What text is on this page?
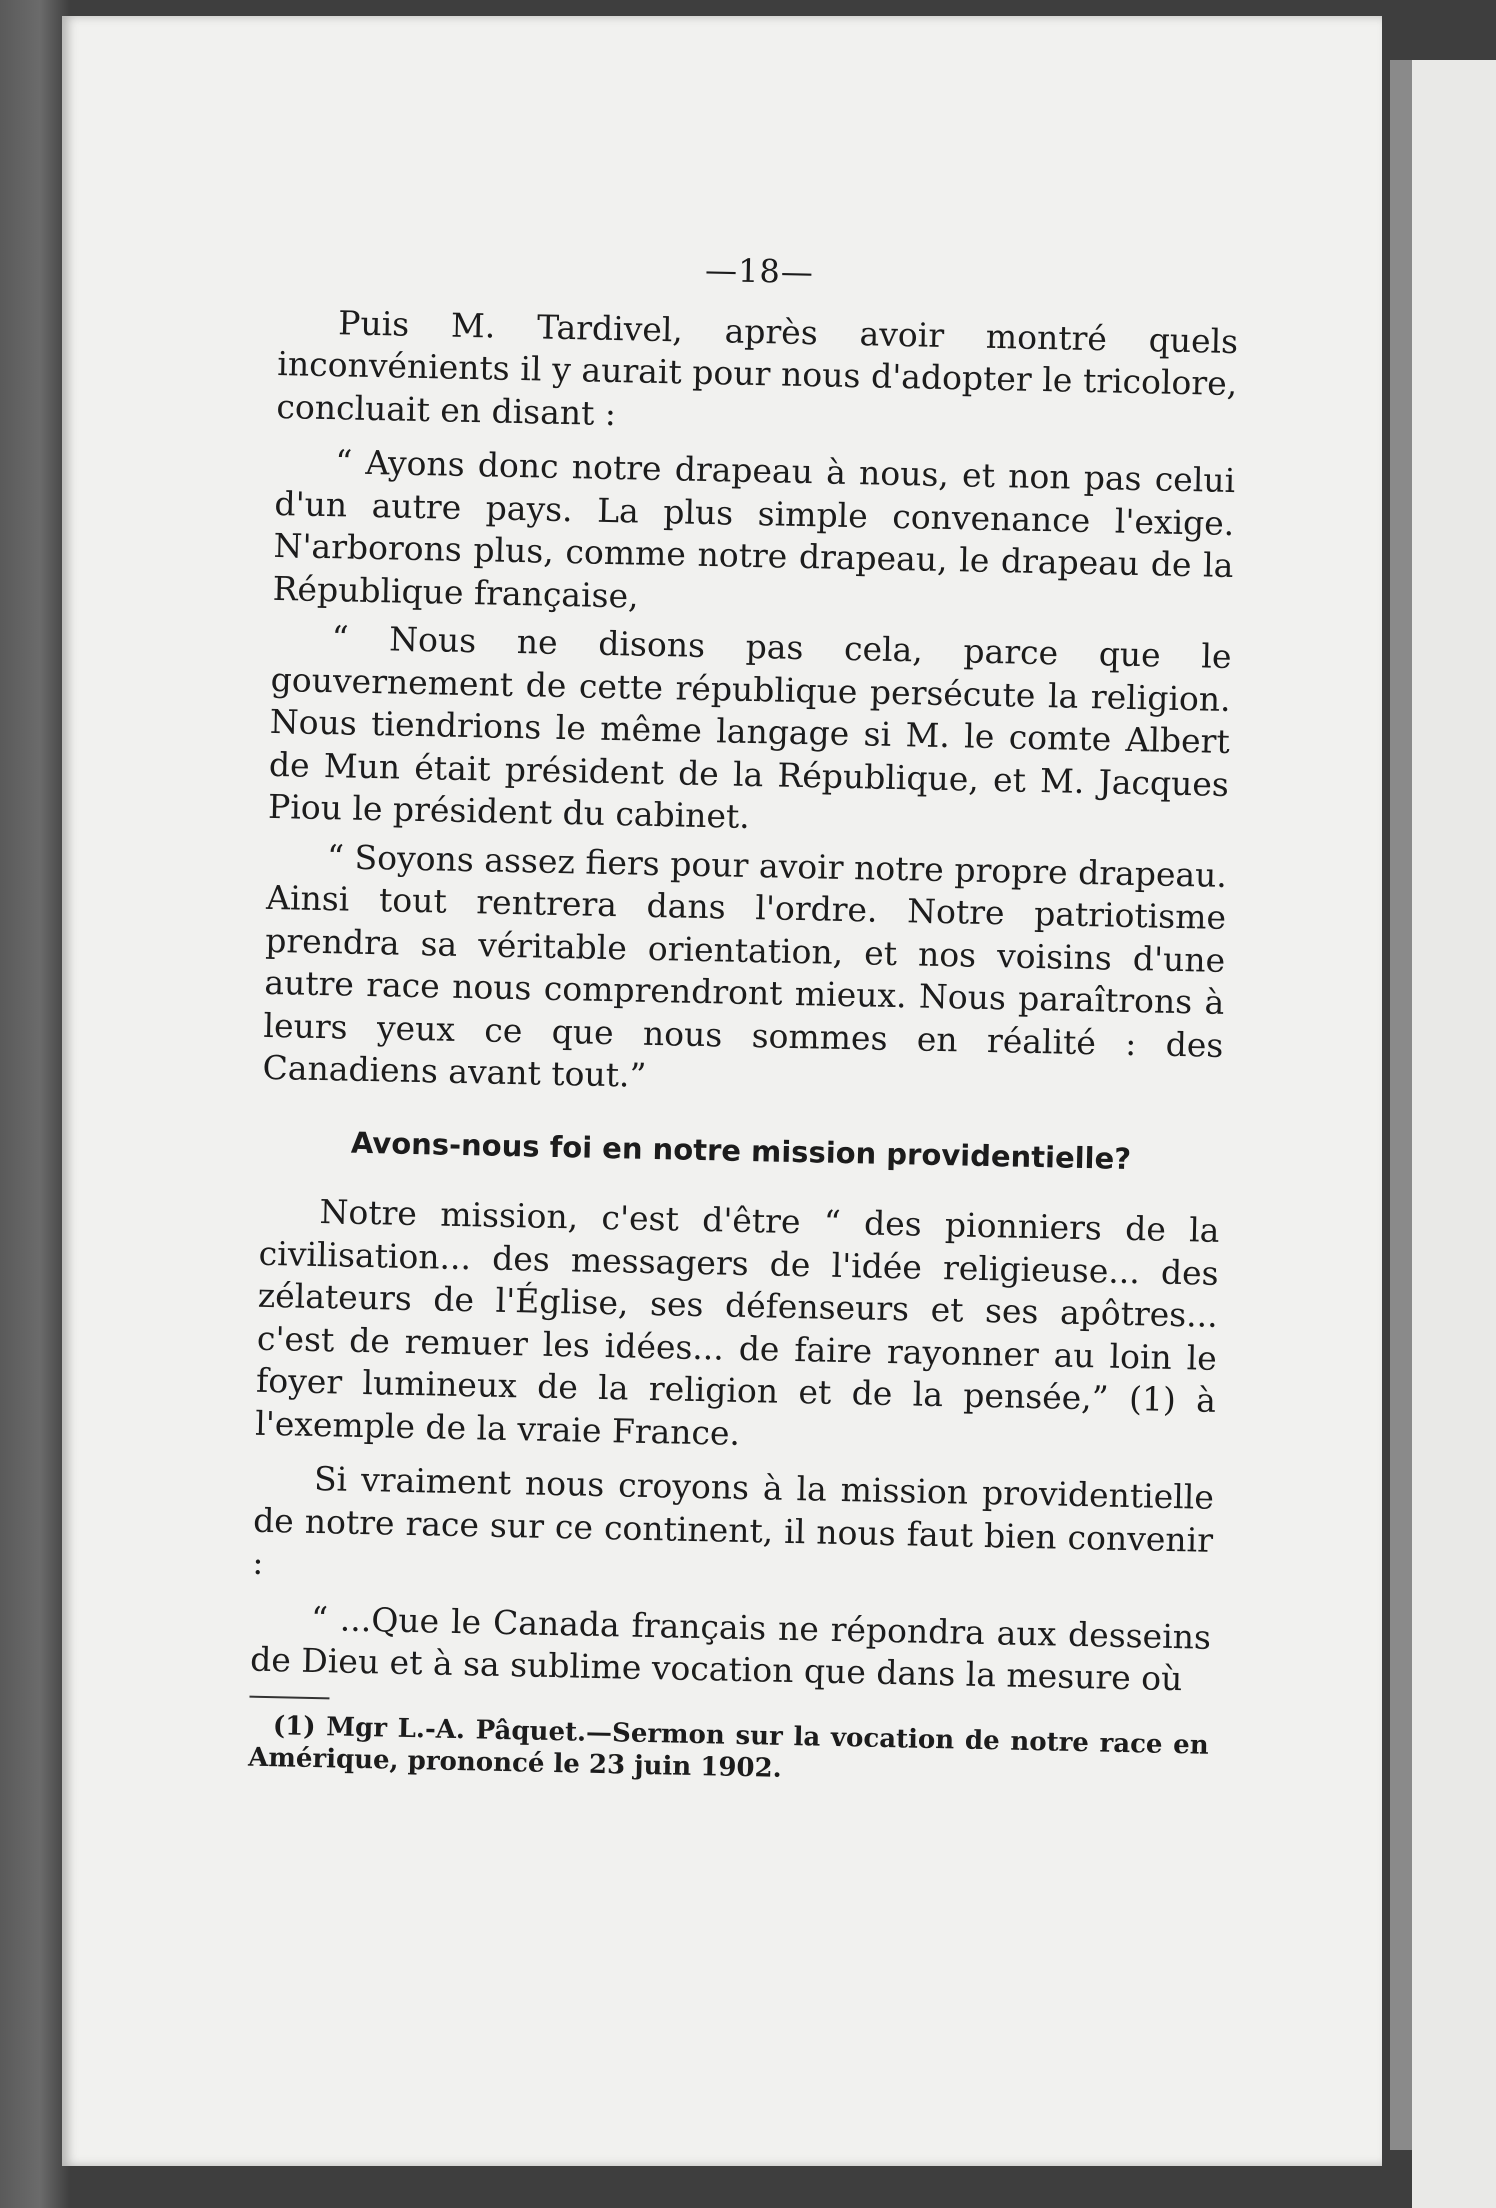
—18—

Puis M. Tardivel, après avoir montré quels inconvénients il y aurait pour nous d'adopter le tricolore, concluait en disant :

“ Ayons donc notre drapeau à nous, et non pas celui d'un autre pays. La plus simple convenance l'exige. N'arborons plus, comme notre drapeau, le drapeau de la République française,

“ Nous ne disons pas cela, parce que le gouvernement de cette république persécute la religion. Nous tiendrions le même langage si M. le comte Albert de Mun était président de la République, et M. Jacques Piou le président du cabinet.

“ Soyons assez fiers pour avoir notre propre drapeau. Ainsi tout rentrera dans l'ordre. Notre patriotisme prendra sa véritable orientation, et nos voisins d'une autre race nous comprendront mieux. Nous paraîtrons à leurs yeux ce que nous sommes en réalité : des Canadiens avant tout.”

Avons-nous foi en notre mission providentielle?

Notre mission, c'est d'être “ des pionniers de la civilisation... des messagers de l'idée religieuse... des zélateurs de l'Église, ses défenseurs et ses apôtres... c'est de remuer les idées... de faire rayonner au loin le foyer lumineux de la religion et de la pensée,” (1) à l'exemple de la vraie France.

Si vraiment nous croyons à la mission providentielle de notre race sur ce continent, il nous faut bien convenir :

“ ...Que le Canada français ne répondra aux desseins de Dieu et à sa sublime vocation que dans la mesure où

(1) Mgr L.-A. Pâquet.—Sermon sur la vocation de notre race en Amérique, prononcé le 23 juin 1902.
